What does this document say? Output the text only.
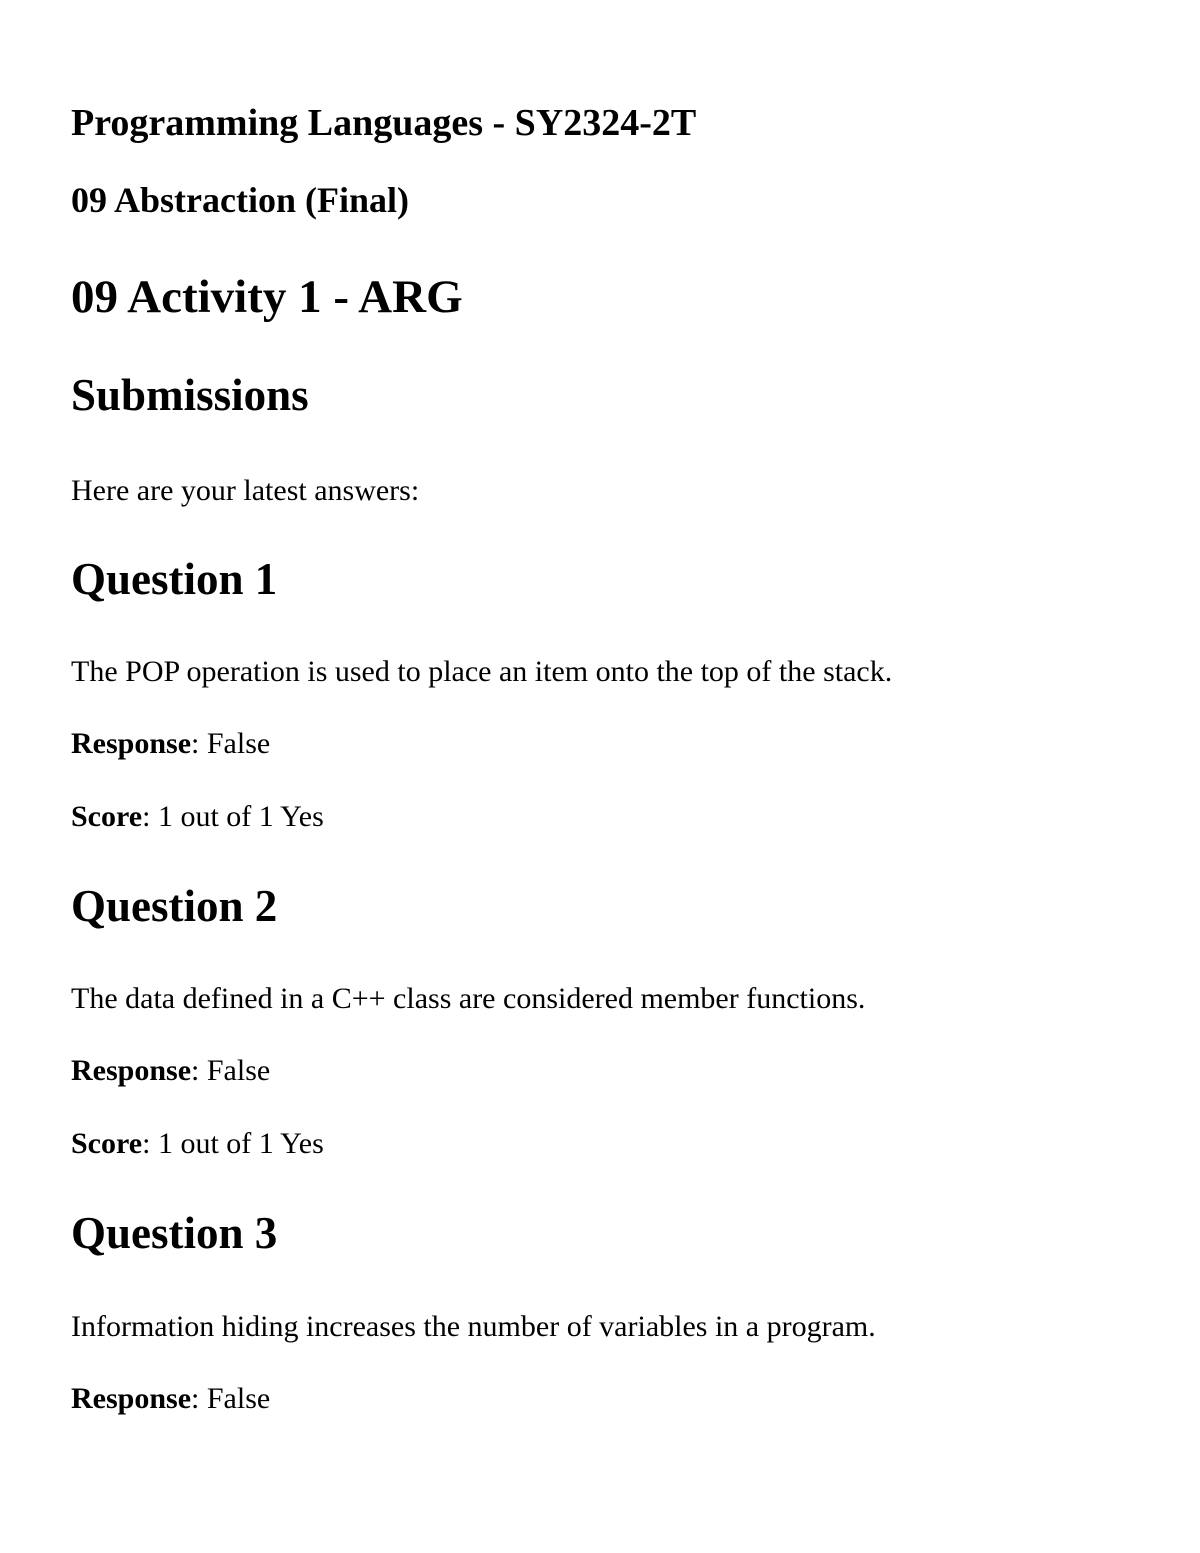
Programming Languages - SY2324-2T
09 Abstraction (Final)
09 Activity 1 - ARG
Submissions

Here are your latest answers:

Question 1

The POP operation is used to place an item onto the top of the stack.

Response: False

Score: 1 out of 1 Yes

Question 2

The data defined in a C++ class are considered member functions.

Response: False

Score: 1 out of 1 Yes

Question 3

Information hiding increases the number of variables in a program.

Response: False
